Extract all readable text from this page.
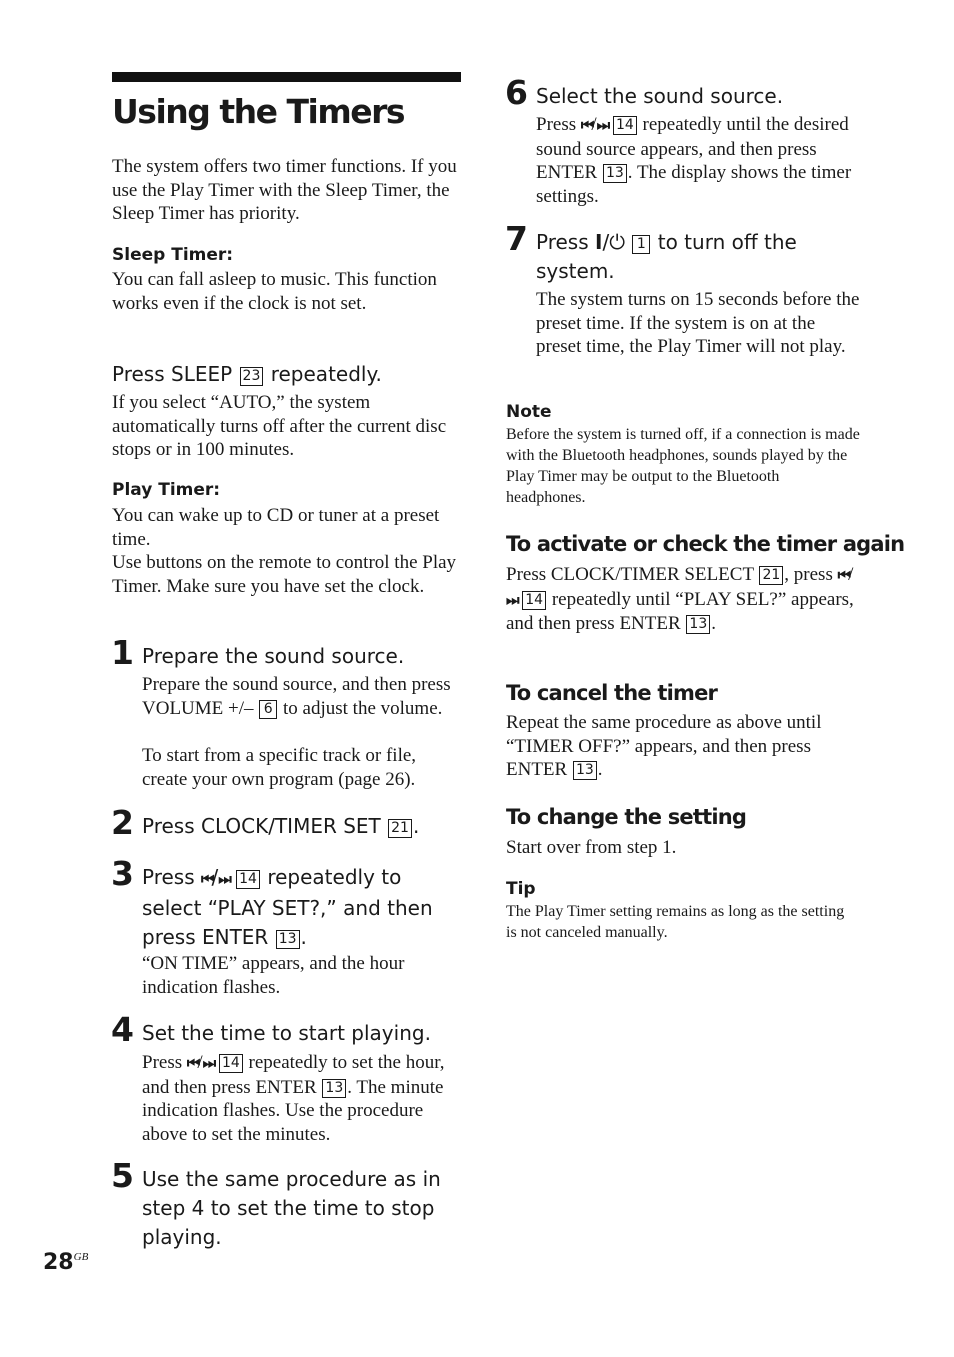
Using the Timers

The system offers two timer functions. If you use the Play Timer with the Sleep Timer, the Sleep Timer has priority.

Sleep Timer:

You can fall asleep to music. This function works even if the clock is not set.

Press SLEEP 23 repeatedly.

If you select “AUTO,” the system automatically turns off after the current disc stops or in 100 minutes.

Play Timer:

You can wake up to CD or tuner at a preset time.

Use buttons on the remote to control the Play Timer. Make sure you have set the clock.

1 Prepare the sound source.

Prepare the sound source, and then press VOLUME +/– 6 to adjust the volume.

To start from a specific track or file, create your own program (page 26).

2 Press CLOCK/TIMER SET 21 .
3 Press ⏮/⏭ 14 repeatedly to select “PLAY SET?,” and then press ENTER 13 .

“ON TIME” appears, and the hour indication flashes.

4 Set the time to start playing.

Press ⏮/⏭ 14 repeatedly to set the hour, and then press ENTER 13 . The minute indication flashes. Use the procedure above to set the minutes.

5 Use the same procedure as in step 4 to set the time to stop playing.
$28^{GB}$
6 Select the sound source.

Press ⏮/⏭ 14 repeatedly until the desired sound source appears, and then press ENTER 13 . The display shows the timer settings.

7 Press I/⏻ 1 to turn off the system.

The system turns on 15 seconds before the preset time. If the system is on at the preset time, the Play Timer will not play.

Note

Before the system is turned off, if a connection is made with the Bluetooth headphones, sounds played by the Play Timer may be output to the Bluetooth headphones.

To activate or check the timer again

Press CLOCK/TIMER SELECT 21 , press ⏮/⏭ 14 repeatedly until “PLAY SEL?” appears, and then press ENTER 13 .

To cancel the timer

Repeat the same procedure as above until “TIMER OFF?” appears, and then press ENTER 13 .

To change the setting

Start over from step 1.

Tip

The Play Timer setting remains as long as the setting is not canceled manually.
